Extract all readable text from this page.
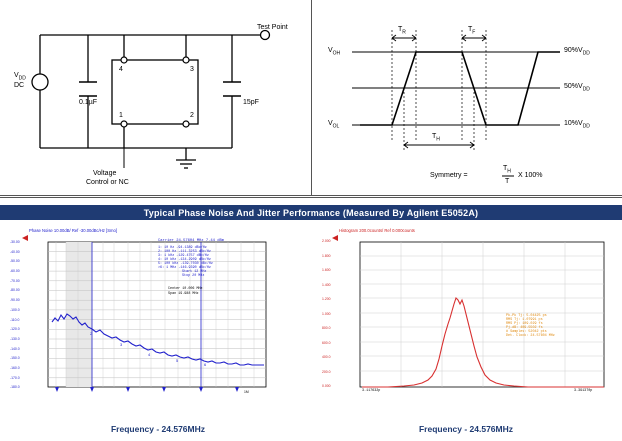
$V_{DD}$
DC
0.1µF	15pF
Test Point
Voltage
Control or NC
4	3
1	2
$V_{OH}$
$V_{OL}$
$90\%V_{DD}$
$50\%V_{DD}$
$10\%V_{DD}$
$T_R$	$T_F$
$T_H$
Symmetry =
$T_H$
T
X 100%
Typical Phase Noise And Jitter Performance (Measured By Agilent E5052A)
2
3
4
5
6
Phase Noise 10.00dB/ Ref -30.00dBc/Hz [Smo]
Carrier 24.57604 MHz 7.44 dBm
1: 10 Hz -94.1389 dBc/Hz
2: 100 Hz -111.3253 dBc/Hz
3: 1 kHz -129.4757 dBc/Hz
4: 10 kHz -134.2909 dBc/Hz
5: 100 kHz -139.7030 dBc/Hz
>6: 1 MHz -146.9390 dBc/Hz
Start 12 MHz
Stop 20 MHz
Center 10.006 MHz
Span 19.988 MHz
-30.00
-40.00
-50.00
-60.00
-70.00
-80.00
-90.00
-100.0
-110.0
-120.0
-130.0
-140.0
-150.0
-160.0
-170.0
-180.0
1M
Frequency - 24.576MHz
Histogram 200.0counts/ Ref 0.000counts
2.000
1.800
1.600
1.400
1.200
1.000
800.0
600.0
400.0
200.0
0.000
Pk-Pk Tj: 5.04425 ps
RMS Tj: 1.07991 ps
RMS Pj: 109.029 fs
Pj-dB: 409.5502 fs
# Samples: 52042 pts
Det. Clock: 24.57604 MHz
3.117632p	3.391370p
Frequency - 24.576MHz
